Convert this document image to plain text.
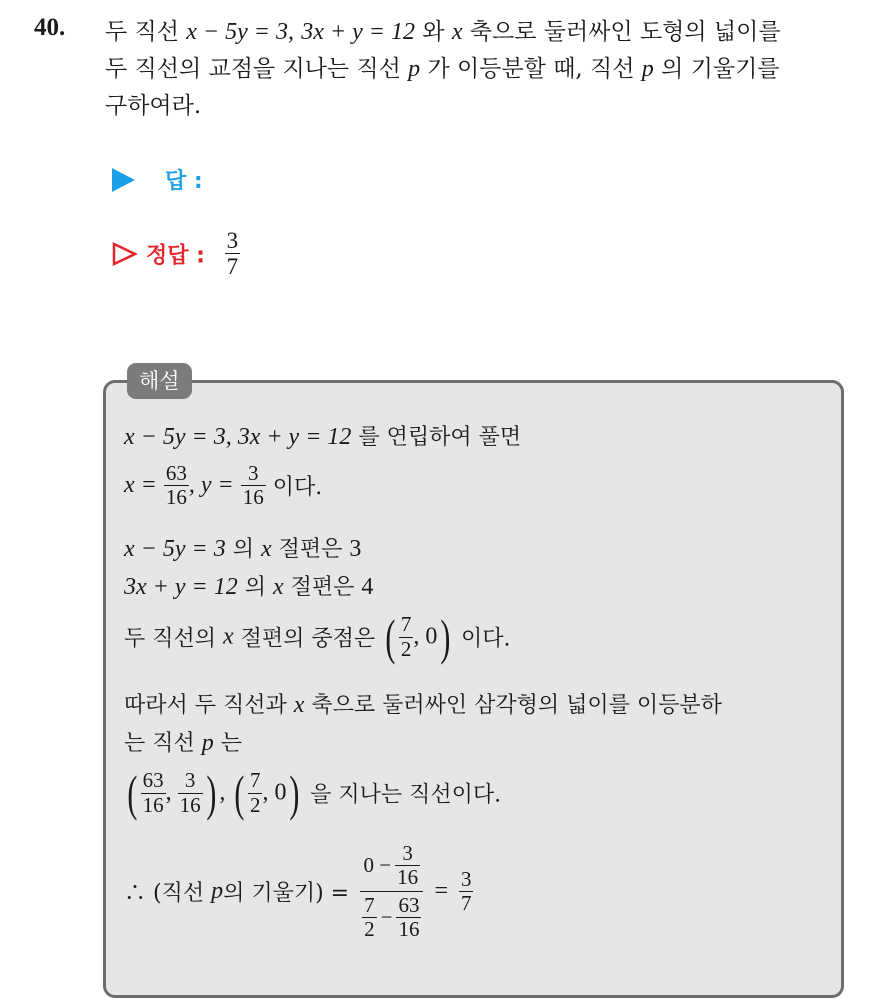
40. 두 직선 x − 5y = 3, 3x + y = 12 와 x 축으로 둘러싸인 도형의 넓이를
두 직선의 교점을 지나는 직선 p 가 이등분할 때, 직선 p 의 기울기를
구하여라.
답 :
정답 : $\frac{3}{7}$
해설
x − 5y = 3, 3x + y = 12 를 연립하여 풀면
$x = \frac{63}{16}$ , $y = \frac{3}{16}$ 이다.
x − 5y = 3 의 x 절편은 3
3x + y = 12 의 x 절편은 4
두 직선의 x 절편의 중점은 ( $\frac{7}{2}$ , 0) 이다.
따라서 두 직선과 x 축으로 둘러싸인 삼각형의 넓이를 이등분하
는 직선 p 는
( $\frac{63}{16}$ , $\frac{3}{16}$ ) , ( $\frac{7}{2}$ , 0) 을 지나는 직선이다.
∴ (직선 p의 기울기) = $\frac{0 - \frac{3}{16}}{\frac{7}{2} - \frac{63}{16}} = \frac{3}{7}$
